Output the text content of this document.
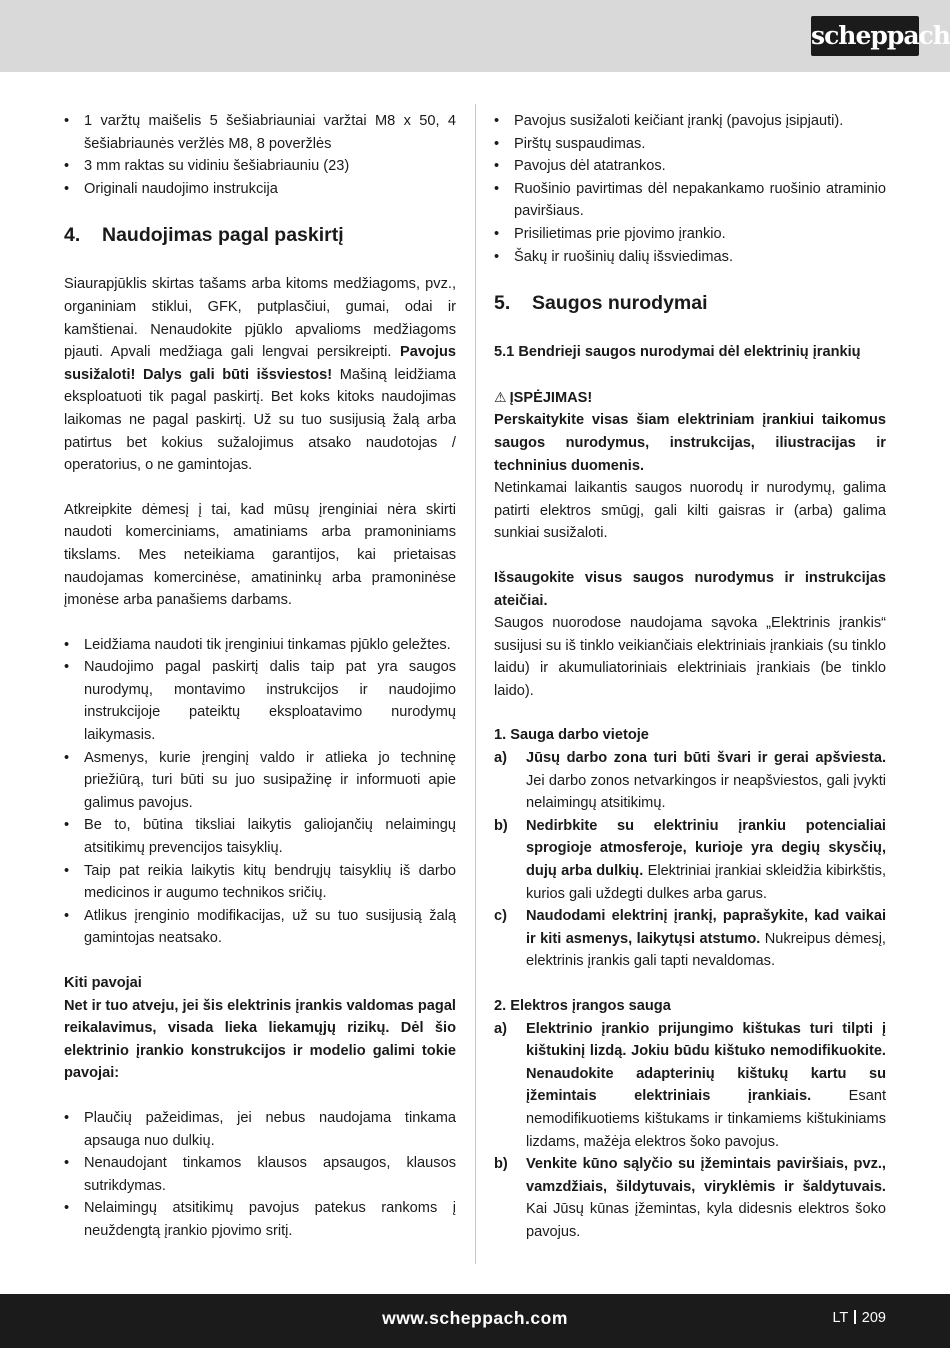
scheppach
• 1 varžtų maišelis 5 šešiabriauniai varžtai M8 x 50, 4 šešiabriaunės veržlės M8, 8 poveržlės
• 3 mm raktas su vidiniu šešiabriauniu (23)
• Originali naudojimo instrukcija
4. Naudojimas pagal paskirtį

Siaurapjūklis skirtas tašams arba kitoms medžiagoms, pvz., organiniam stiklui, GFK, putplasčiui, gumai, odai ir kamštienai. Nenaudokite pjūklo apvalioms medžiagoms pjauti. Apvali medžiaga gali lengvai persikreipti. Pavojus susižaloti! Dalys gali būti išsviestos! Mašiną leidžiama eksploatuoti tik pagal paskirtį. Bet koks kitoks naudojimas laikomas ne pagal paskirtį. Už su tuo susijusią žalą arba patirtus bet kokius sužalojimus atsako naudotojas / operatorius, o ne gamintojas.

Atkreipkite dėmesį į tai, kad mūsų įrenginiai nėra skirti naudoti komerciniams, amatiniams arba pramoniniams tikslams. Mes neteikiama garantijos, kai prietaisas naudojamas komercinėse, amatininkų arba pramoninėse įmonėse arba panašiems darbams.

• Leidžiama naudoti tik įrenginiui tinkamas pjūklo geležtes.
• Naudojimo pagal paskirtį dalis taip pat yra saugos nurodymų, montavimo instrukcijos ir naudojimo instrukcijoje pateiktų eksploatavimo nurodymų laikymasis.
• Asmenys, kurie įrenginį valdo ir atlieka jo techninę priežiūrą, turi būti su juo susipažinę ir informuoti apie galimus pavojus.
• Be to, būtina tiksliai laikytis galiojančių nelaimingų atsitikimų prevencijos taisyklių.
• Taip pat reikia laikytis kitų bendrųjų taisyklių iš darbo medicinos ir augumo technikos sričių.
• Atlikus įrenginio modifikacijas, už su tuo susijusią žalą gamintojas neatsako.

Kiti pavojai

Net ir tuo atveju, jei šis elektrinis įrankis valdomas pagal reikalavimus, visada lieka liekamųjų rizikų. Dėl šio elektrinio įrankio konstrukcijos ir modelio galimi tokie pavojai:

• Plaučių pažeidimas, jei nebus naudojama tinkama apsauga nuo dulkių.
• Nenaudojant tinkamos klausos apsaugos, klausos sutrikdymas.
• Nelaimingų atsitikimų pavojus patekus rankoms į neuždengtą įrankio pjovimo sritį.
• Pavojus susižaloti keičiant įrankį (pavojus įsipjauti).
• Pirštų suspaudimas.
• Pavojus dėl atatrankos.
• Ruošinio pavirtimas dėl nepakankamo ruošinio atraminio paviršiaus.
• Prisilietimas prie pjovimo įrankio.
• Šakų ir ruošinių dalių išsviedimas.
5. Saugos nurodymai

5.1 Bendrieji saugos nurodymai dėl elektrinių įrankių

⚠ ĮSPĖJIMAS!

Perskaitykite visas šiam elektriniam įrankiui taikomus saugos nurodymus, instrukcijas, iliustracijas ir techninius duomenis.

Netinkamai laikantis saugos nuorodų ir nurodymų, galima patirti elektros smūgį, gali kilti gaisras ir (arba) galima sunkiai susižaloti.

Išsaugokite visus saugos nurodymus ir instrukcijas ateičiai.

Saugos nuorodose naudojama sąvoka „Elektrinis įrankis“ susijusi su iš tinklo veikiančiais elektriniais įrankiais (su tinklo laidu) ir akumuliatoriniais elektriniais įrankiais (be tinklo laido).

1. Sauga darbo vietoje

a) Jūsų darbo zona turi būti švari ir gerai apšviesta. Jei darbo zonos netvarkingos ir neapšviestos, gali įvykti nelaimingų atsitikimų.
b) Nedirbkite su elektriniu įrankiu potencialiai sprogioje atmosferoje, kurioje yra degių skysčių, dujų arba dulkių. Elektriniai įrankiai skleidžia kibirkštis, kurios gali uždegti dulkes arba garus.
c) Naudodami elektrinį įrankį, paprašykite, kad vaikai ir kiti asmenys, laikytųsi atstumo. Nukreipus dėmesį, elektrinis įrankis gali tapti nevaldomas.

2. Elektros įrangos sauga

a) Elektrinio įrankio prijungimo kištukas turi tilpti į kištukinį lizdą. Jokiu būdu kištuko nemodifikuokite. Nenaudokite adapterinių kištukų kartu su įžemintais elektriniais įrankiais. Esant nemodifikuotiems kištukams ir tinkamiems kištukiniams lizdams, mažėja elektros šoko pavojus.
b) Venkite kūno sąlyčio su įžemintais paviršiais, pvz., vamzdžiais, šildytuvais, viryklėmis ir šaldytuvais. Kai Jūsų kūnas įžemintas, kyla didesnis elektros šoko pavojus.
www.scheppach.com	LT 209
